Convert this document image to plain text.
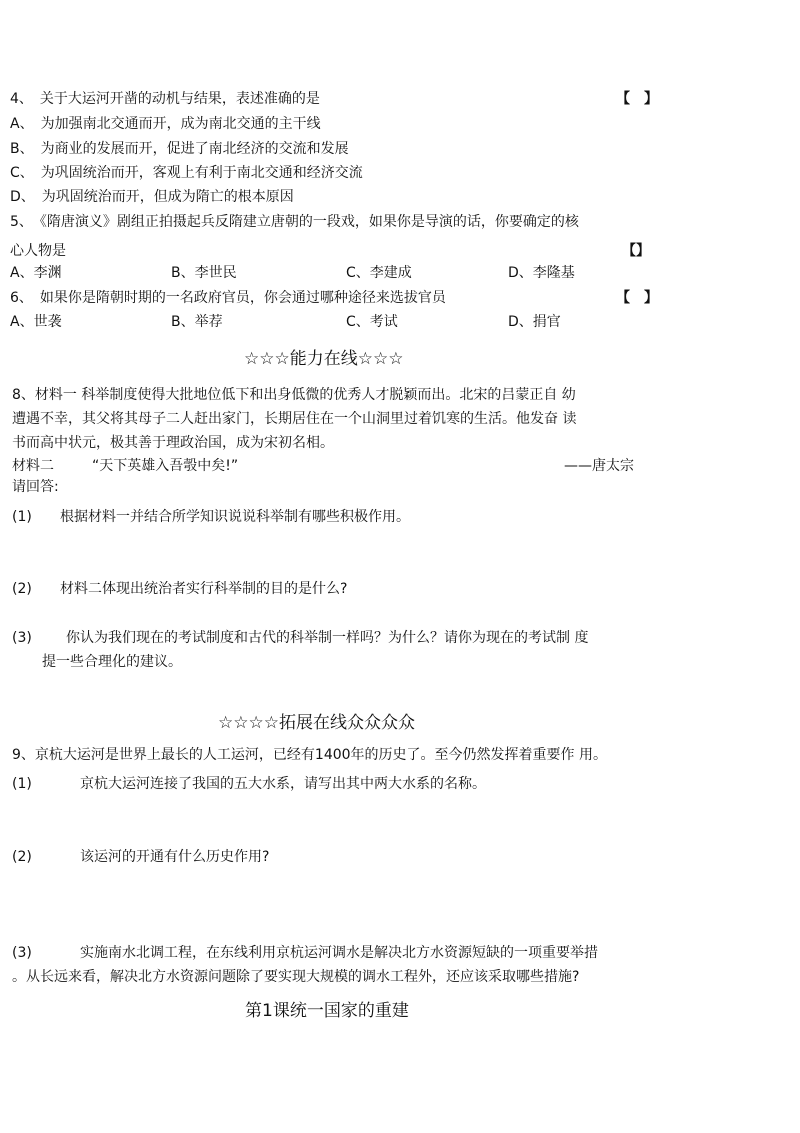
4、　关于大运河开凿的动机与结果，表述准确的是	【　】
A、　为加强南北交通而开，成为南北交通的主干线
B、　为商业的发展而开，促进了南北经济的交流和发展
C、　为巩固统治而开，客观上有利于南北交通和经济交流
D、　为巩固统治而开，但成为隋亡的根本原因
5、　《隋唐演义》剧组正拍摄起兵反隋建立唐朝的一段戏，如果你是导演的话，你要确定的核
心人物是	【】
A、李渊	B、李世民	C、李建成	D、李隆基
6、　如果你是隋朝时期的一名政府官员，你会通过哪种途径来选拔官员	【　】
A、世袭	B、举荐	C、考试	D、捐官
☆☆☆能力在线☆☆☆
8、材料一 科举制度使得大批地位低下和出身低微的优秀人才脱颖而出。北宋的吕蒙正自 幼
遭遇不幸，其父将其母子二人赶出家门，长期居住在一个山洞里过着饥寒的生活。他发奋 读
书而高中状元，极其善于理政治国，成为宋初名相。
材料二	“天下英雄入吾彀中矣!”	——唐太宗
请回答:
(1) 根据材料一并结合所学知识说说科举制有哪些积极作用。
(2) 材料二体现出统治者实行科举制的目的是什么?
(3) 你认为我们现在的考试制度和古代的科举制一样吗？为什么？请你为现在的考试制 度
提一些合理化的建议。
☆☆☆☆拓展在线众众众众
9、京杭大运河是世界上最长的人工运河，已经有1400年的历史了。至今仍然发挥着重要作 用。
(1)	京杭大运河连接了我国的五大水系，请写出其中两大水系的名称。
(2)	该运河的开通有什么历史作用?
(3)	实施南水北调工程，在东线利用京杭运河调水是解决北方水资源短缺的一项重要举措
。从长远来看，解决北方水资源问题除了要实现大规模的调水工程外，还应该采取哪些措施?
第1课统一国家的重建
